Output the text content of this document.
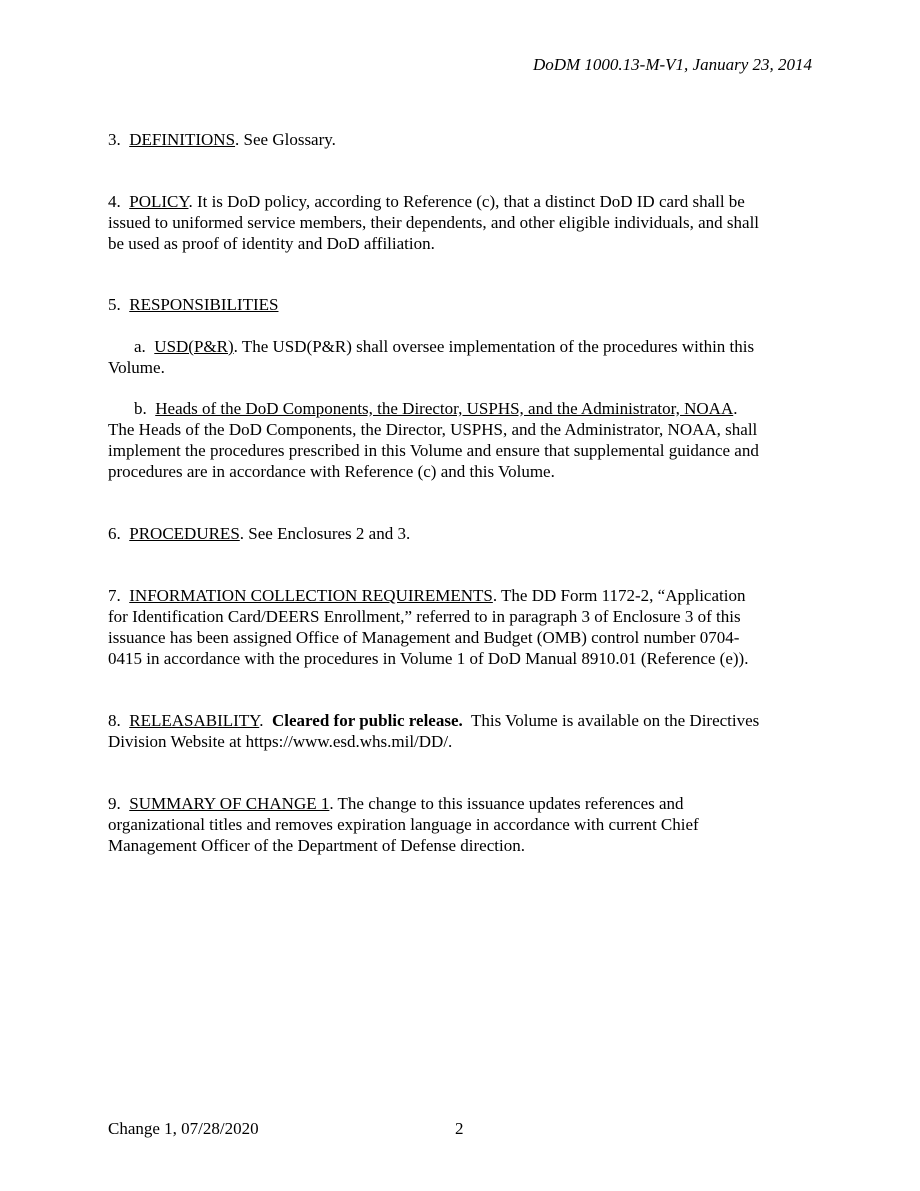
DoDM 1000.13-M-V1, January 23, 2014

3. DEFINITIONS. See Glossary.

4. POLICY. It is DoD policy, according to Reference (c), that a distinct DoD ID card shall be
issued to uniformed service members, their dependents, and other eligible individuals, and shall
be used as proof of identity and DoD affiliation.

5. RESPONSIBILITIES

a. USD(P&R). The USD(P&R) shall oversee implementation of the procedures within this
Volume.

b. Heads of the DoD Components, the Director, USPHS, and the Administrator, NOAA.
The Heads of the DoD Components, the Director, USPHS, and the Administrator, NOAA, shall
implement the procedures prescribed in this Volume and ensure that supplemental guidance and
procedures are in accordance with Reference (c) and this Volume.

6. PROCEDURES. See Enclosures 2 and 3.

7. INFORMATION COLLECTION REQUIREMENTS. The DD Form 1172-2, “Application
for Identification Card/DEERS Enrollment,” referred to in paragraph 3 of Enclosure 3 of this
issuance has been assigned Office of Management and Budget (OMB) control number 0704-
0415 in accordance with the procedures in Volume 1 of DoD Manual 8910.01 (Reference (e)).

8. RELEASABILITY.  Cleared for public release.  This Volume is available on the Directives
Division Website at https://www.esd.whs.mil/DD/.

9. SUMMARY OF CHANGE 1. The change to this issuance updates references and
organizational titles and removes expiration language in accordance with current Chief
Management Officer of the Department of Defense direction.

Change 1, 07/28/2020	2
